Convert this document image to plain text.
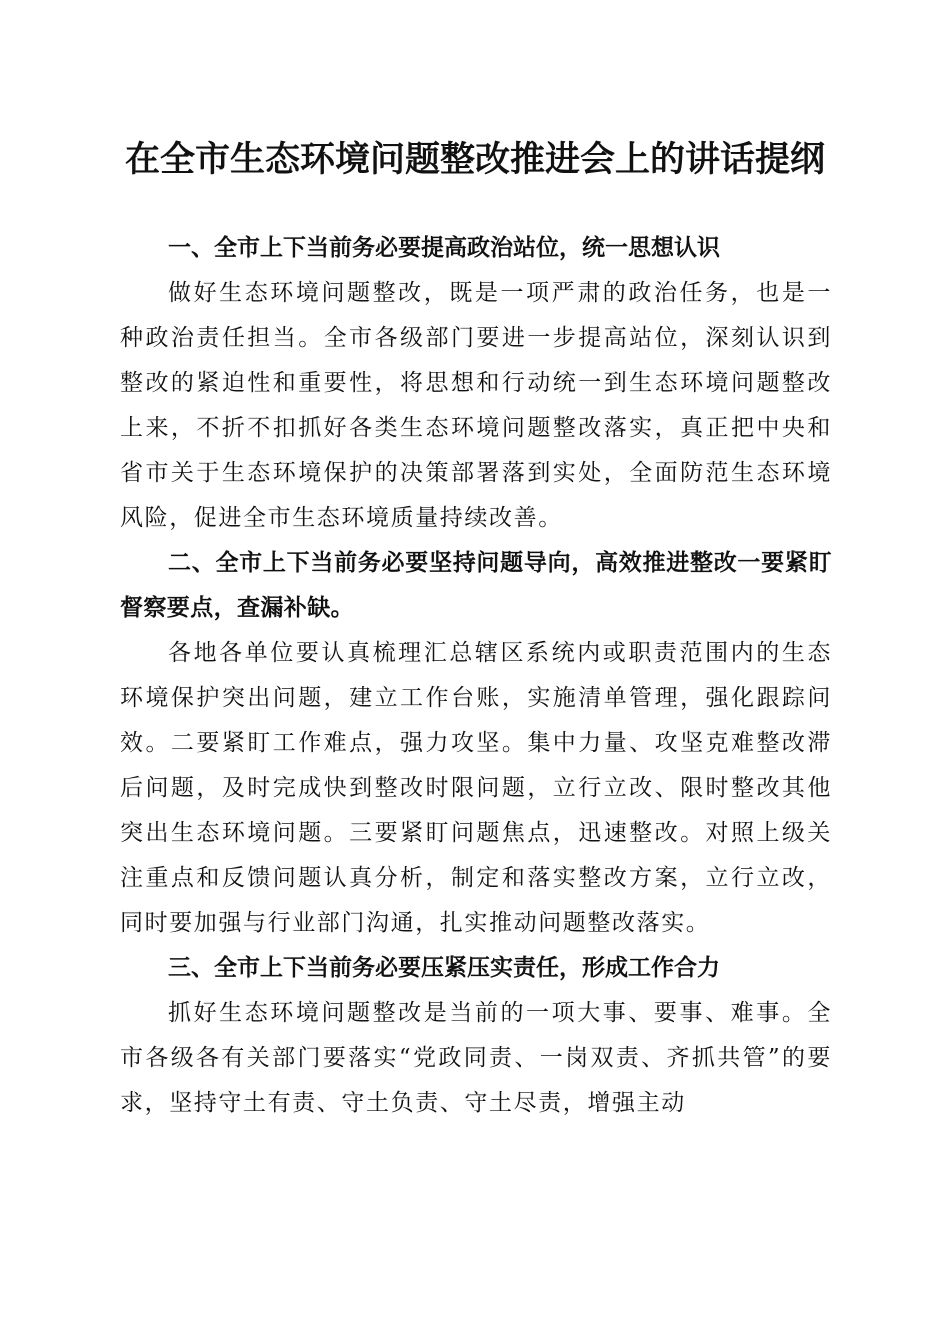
在全市生态环境问题整改推进会上的讲话提纲

一、全市上下当前务必要提高政治站位，统一思想认识

做好生态环境问题整改，既是一项严肃的政治任务，也是一种政治责任担当。全市各级部门要进一步提高站位，深刻认识到整改的紧迫性和重要性，将思想和行动统一到生态环境问题整改上来，不折不扣抓好各类生态环境问题整改落实，真正把中央和省市关于生态环境保护的决策部署落到实处，全面防范生态环境风险，促进全市生态环境质量持续改善。

二、全市上下当前务必要坚持问题导向，高效推进整改一要紧盯督察要点，查漏补缺。

各地各单位要认真梳理汇总辖区系统内或职责范围内的生态环境保护突出问题，建立工作台账，实施清单管理，强化跟踪问效。二要紧盯工作难点，强力攻坚。集中力量、攻坚克难整改滞后问题，及时完成快到整改时限问题，立行立改、限时整改其他突出生态环境问题。三要紧盯问题焦点，迅速整改。对照上级关注重点和反馈问题认真分析，制定和落实整改方案，立行立改，同时要加强与行业部门沟通，扎实推动问题整改落实。

三、全市上下当前务必要压紧压实责任，形成工作合力

抓好生态环境问题整改是当前的一项大事、要事、难事。全市各级各有关部门要落实“党政同责、一岗双责、齐抓共管”的要求，坚持守土有责、守土负责、守土尽责，增强主动
